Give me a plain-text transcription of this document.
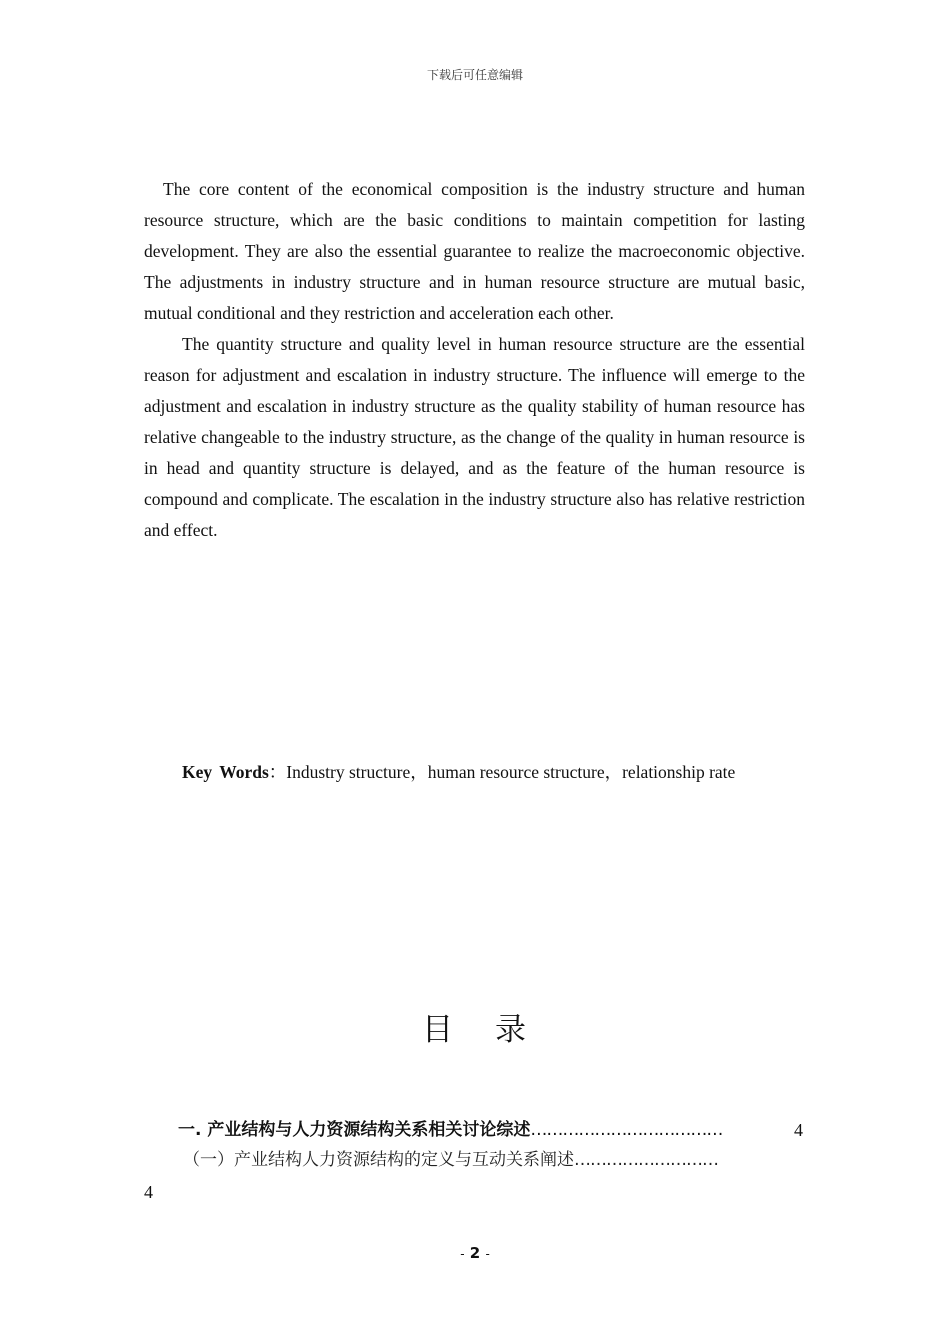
下载后可任意编辑

The core content of the economical composition is the industry structure and human resource structure, which are the basic conditions to maintain competition for lasting development. They are also the essential guarantee to realize the macroeconomic objective. The adjustments in industry structure and in human resource structure are mutual basic, mutual conditional and they restriction and acceleration each other.

The quantity structure and quality level in human resource structure are the essential reason for adjustment and escalation in industry structure. The influence will emerge to the adjustment and escalation in industry structure as the quality stability of human resource has relative changeable to the industry structure, as the change of the quality in human resource is in head and quantity structure is delayed, and as the feature of the human resource is compound and complicate. The escalation in the industry structure also has relative restriction and effect.

Key Words：Industry structure，human resource structure，relationship rate
目 录
一. 产业结构与人力资源结构关系相关讨论综述………………………………	4
（一）产业结构人力资源结构的定义与互动关系阐述………………………
4
- 2 -
